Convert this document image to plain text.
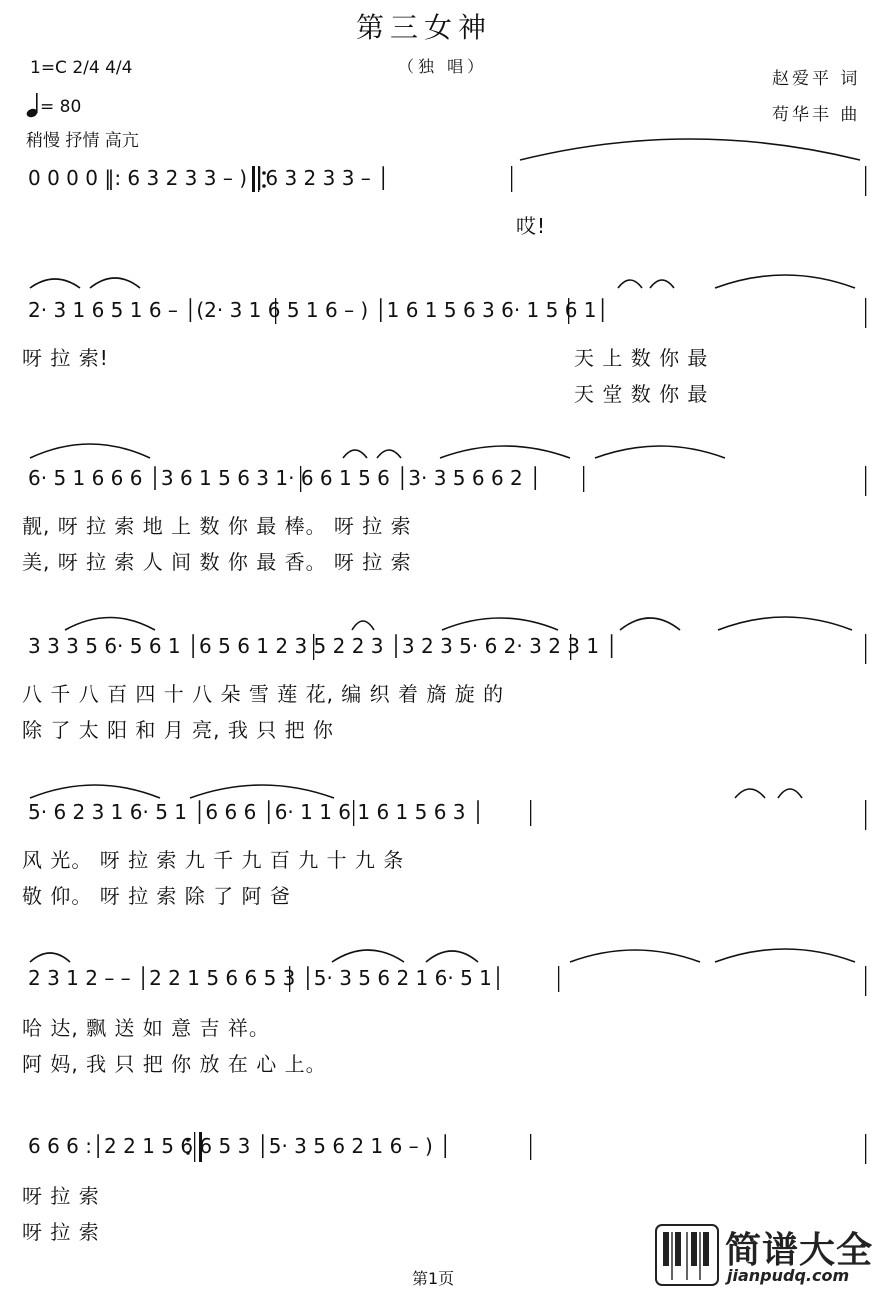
第三女神
（独 唱）
1=C 2/4 4/4
= 80
稍慢 抒情 高亢
赵爱平 词
苟华丰 曲
0 0 0 0 ‖: 6 3 2 3 3 – ) │6 3 2 3 3 – │
哎!
2· 3 1 6 5 1 6 – │(2· 3 1 6 5 1 6 – ) │1 6 1 5 6 3 6· 1 5 6 1│
呀 拉 索!	天 上 数 你 最
天 堂 数 你 最
6· 5 1 6 6 6 │3 6 1 5 6 3 1· 6 6 1 5 6 │3· 3 5 6 6 2 │
靓, 呀 拉 索 地 上 数 你 最 棒。 呀 拉 索
美, 呀 拉 索 人 间 数 你 最 香。 呀 拉 索
3 3 3 5 6· 5 6 1 │6 5 6 1 2 3 5 2 2 3 │3 2 3 5· 6 2· 3 2 3 1 │
八 千 八 百 四 十 八 朵 雪 莲 花, 编 织 着 旖 旋 的
除 了 太 阳 和 月 亮, 我 只 把 你
5· 6 2 3 1 6· 5 1 │6 6 6 │6· 1 1 6 1 6 1 5 6 3 │
风 光。 呀 拉 索 九 千 九 百 九 十 九 条
敬 仰。 呀 拉 索 除 了 阿 爸
2 3 1 2 – – │2 2 1 5 6 6 5 3 │5· 3 5 6 2 1 6· 5 1│
哈 达, 飘 送 如 意 吉 祥。
阿 妈, 我 只 把 你 放 在 心 上。
6 6 6 :│2 2 1 5 6 6 5 3 │5· 3 5 6 2 1 6 – ) │
呀 拉 索
呀 拉 索
第1页
简谱大全
jianpudq.com
